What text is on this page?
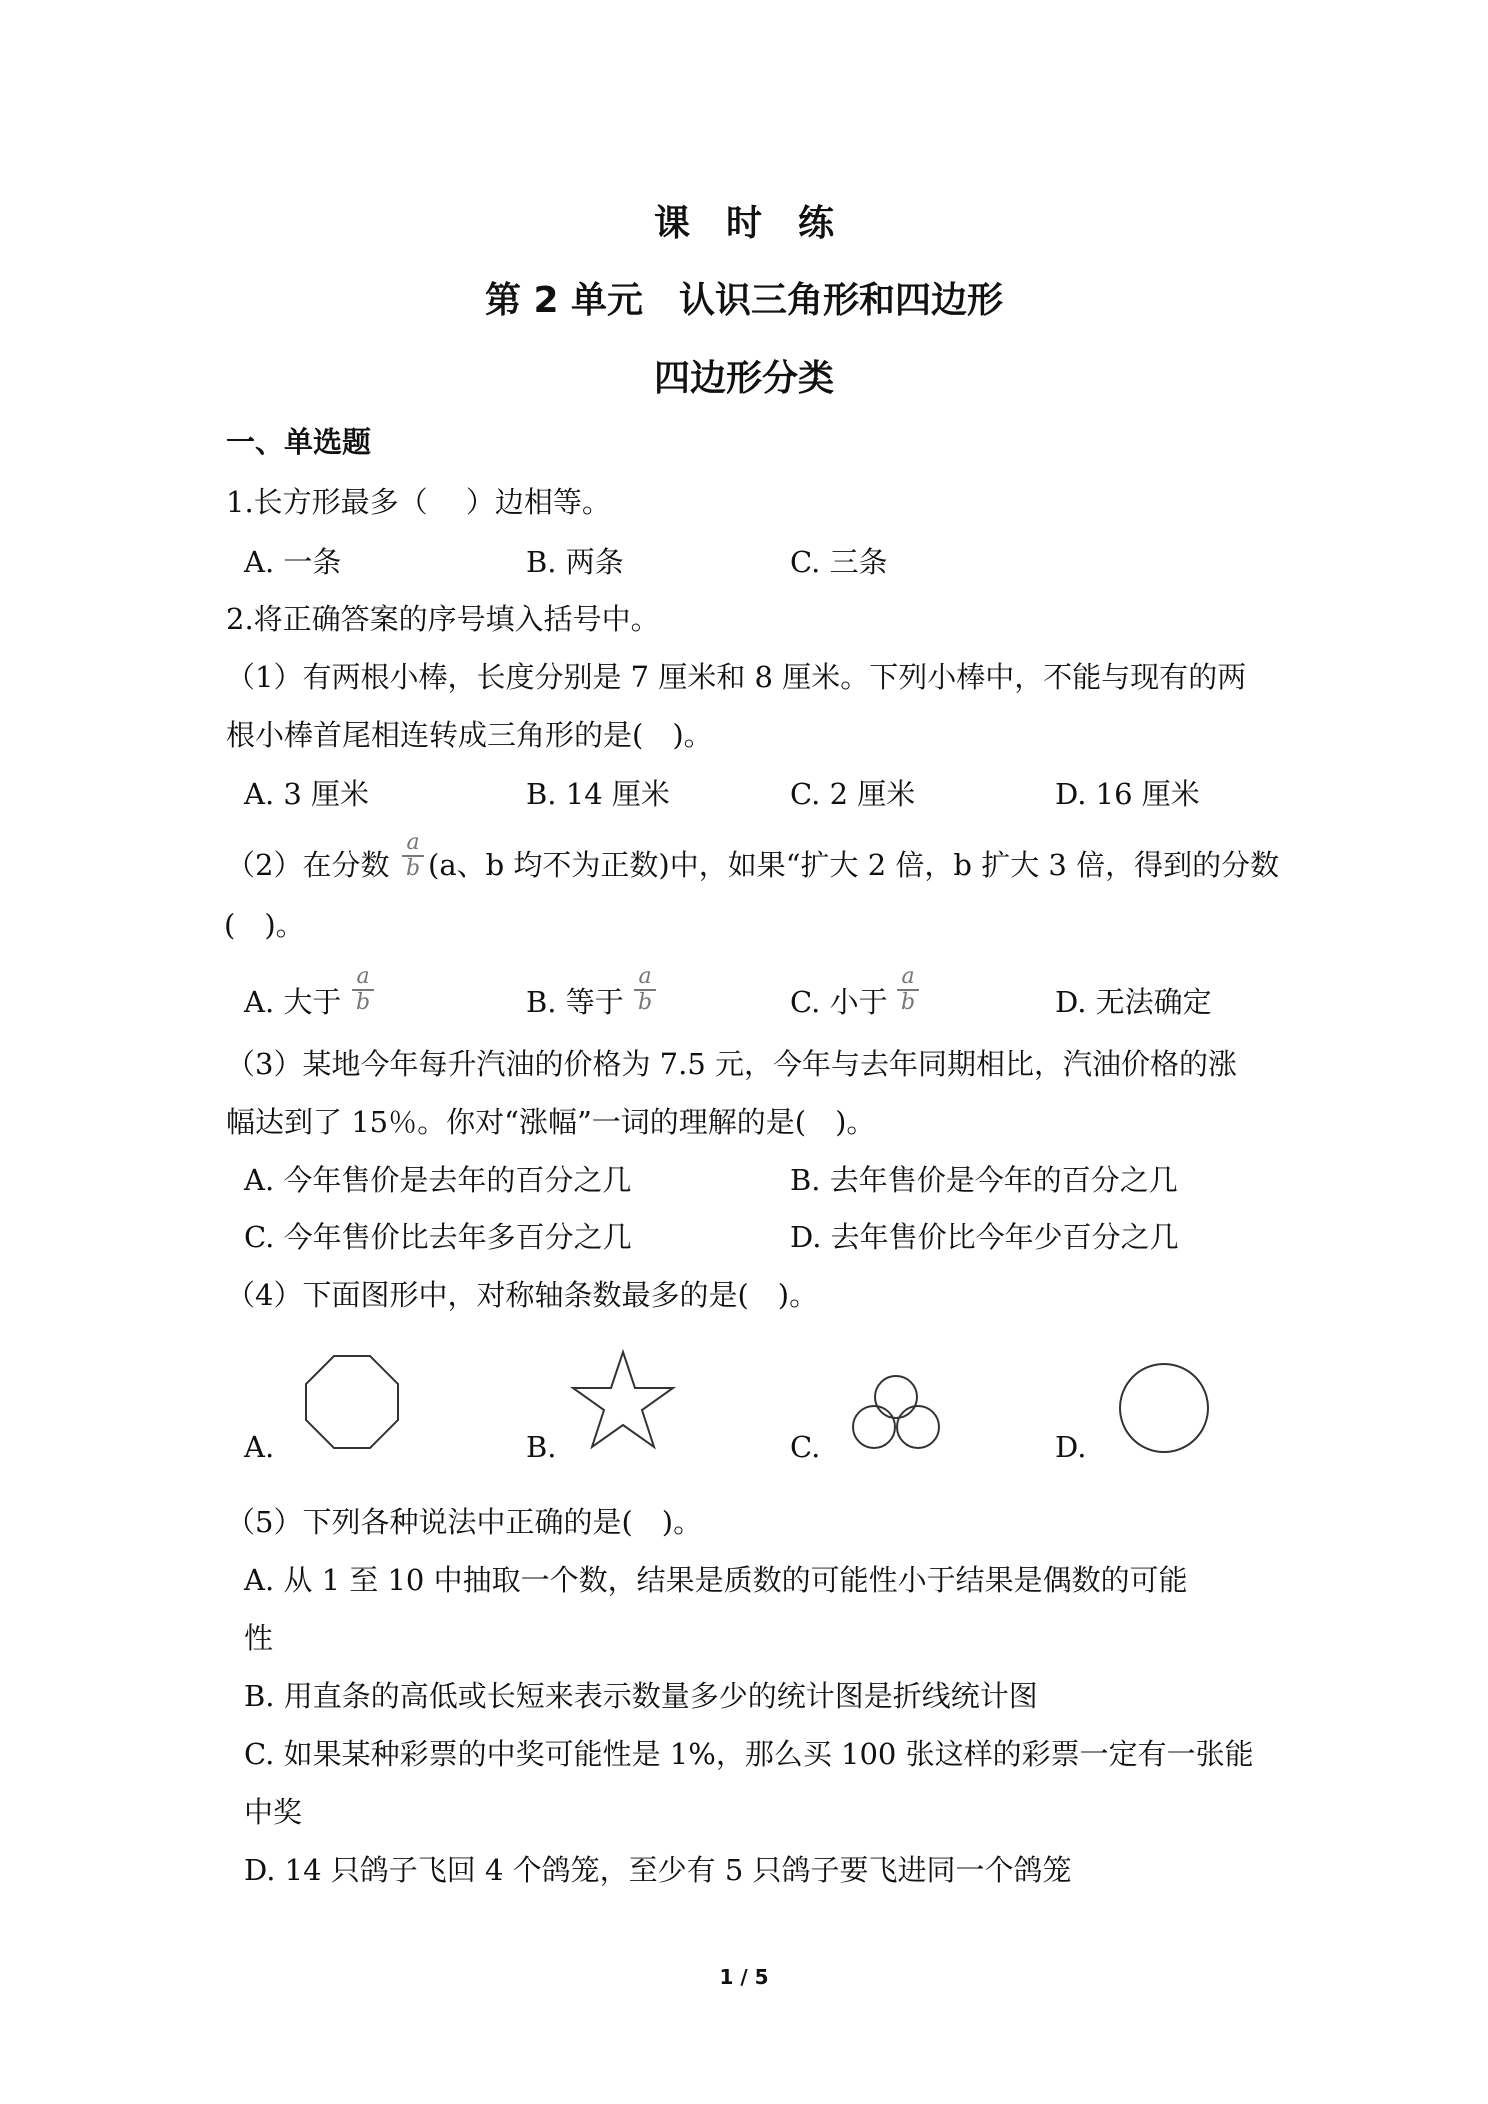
课　时　练
第 2 单元　认识三角形和四边形
四边形分类
一、单选题
1.长方形最多（　 ）边相等。
A. 一条	B. 两条	C. 三条
2.将正确答案的序号填入括号中。
（1）有两根小棒，长度分别是 7 厘米和 8 厘米。下列小棒中，不能与现有的两
根小棒首尾相连转成三角形的是(　)。
A. 3 厘米	B. 14 厘米	C. 2 厘米	D. 16 厘米
（2）在分数
a
b (a、b 均不为正数)中，如果“扩大 2 倍，b 扩大 3 倍，得到的分数
(　)。
A. 大于
a
b	B. 等于
a
b	C. 小于
a
b	D. 无法确定
（3）某地今年每升汽油的价格为 7.5 元，今年与去年同期相比，汽油价格的涨
幅达到了 15％。你对“涨幅”一词的理解的是(　)。
A. 今年售价是去年的百分之几	B. 去年售价是今年的百分之几
C. 今年售价比去年多百分之几	D. 去年售价比今年少百分之几
（4）下面图形中，对称轴条数最多的是(　)。
A.	B.	C.	D.
（5）下列各种说法中正确的是(　)。
A. 从 1 至 10 中抽取一个数，结果是质数的可能性小于结果是偶数的可能
性
B. 用直条的高低或长短来表示数量多少的统计图是折线统计图
C. 如果某种彩票的中奖可能性是 1%，那么买 100 张这样的彩票一定有一张能
中奖
D. 14 只鸽子飞回 4 个鸽笼，至少有 5 只鸽子要飞进同一个鸽笼
1 / 5
